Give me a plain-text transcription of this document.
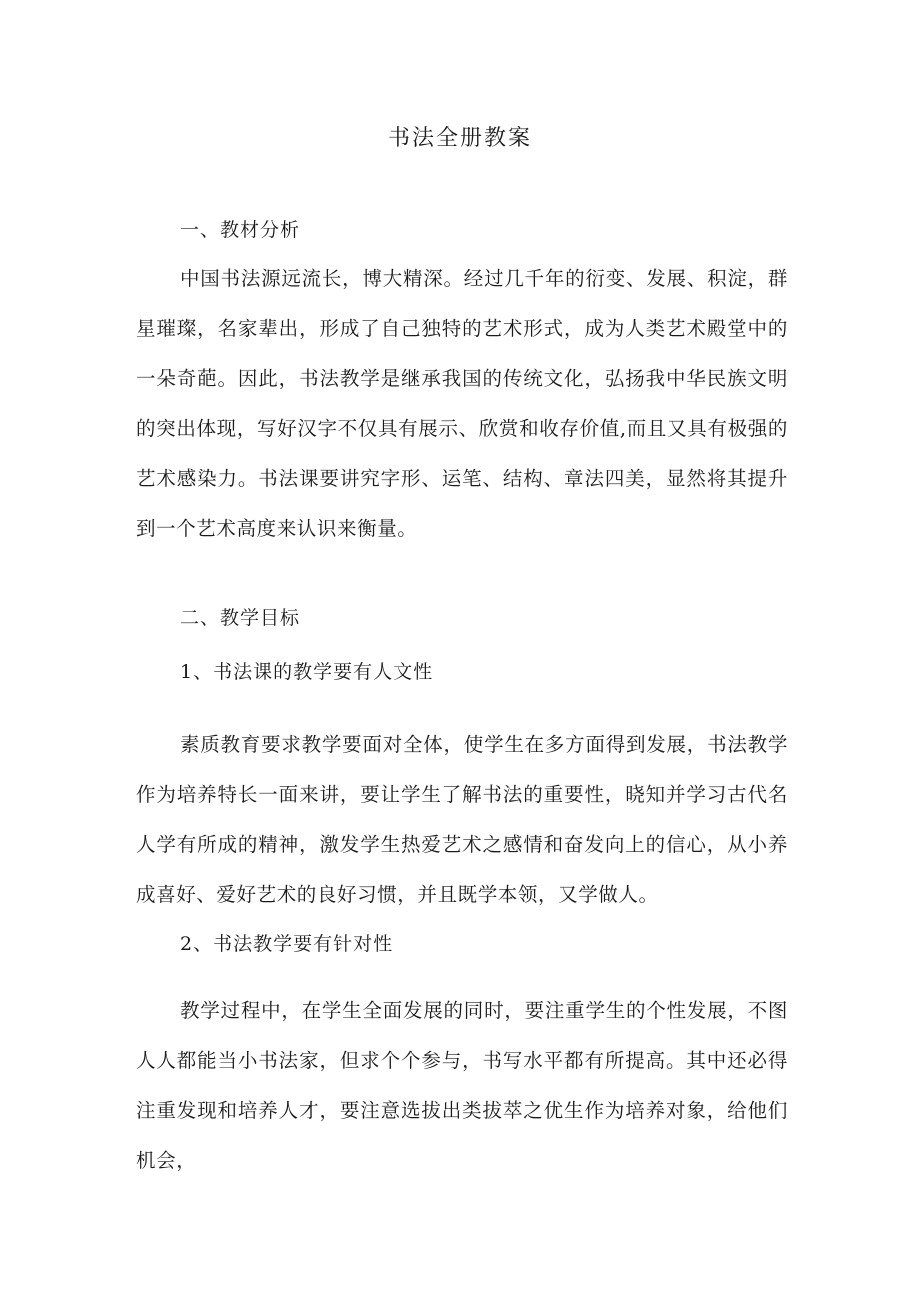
书法全册教案
一、教材分析
中国书法源远流长，博大精深。经过几千年的衍变、发展、积淀，群星璀璨，名家辈出，形成了自己独特的艺术形式，成为人类艺术殿堂中的一朵奇葩。因此，书法教学是继承我国的传统文化，弘扬我中华民族文明的突出体现，写好汉字不仅具有展示、欣赏和收存价值,而且又具有极强的艺术感染力。书法课要讲究字形、运笔、结构、章法四美，显然将其提升到一个艺术高度来认识来衡量。
二、教学目标
1、书法课的教学要有人文性
素质教育要求教学要面对全体，使学生在多方面得到发展，书法教学作为培养特长一面来讲，要让学生了解书法的重要性，晓知并学习古代名人学有所成的精神，激发学生热爱艺术之感情和奋发向上的信心，从小养成喜好、爱好艺术的良好习惯，并且既学本领，又学做人。
2、书法教学要有针对性
教学过程中，在学生全面发展的同时，要注重学生的个性发展，不图人人都能当小书法家，但求个个参与，书写水平都有所提高。其中还必得注重发现和培养人才，要注意选拔出类拔萃之优生作为培养对象，给他们机会，
